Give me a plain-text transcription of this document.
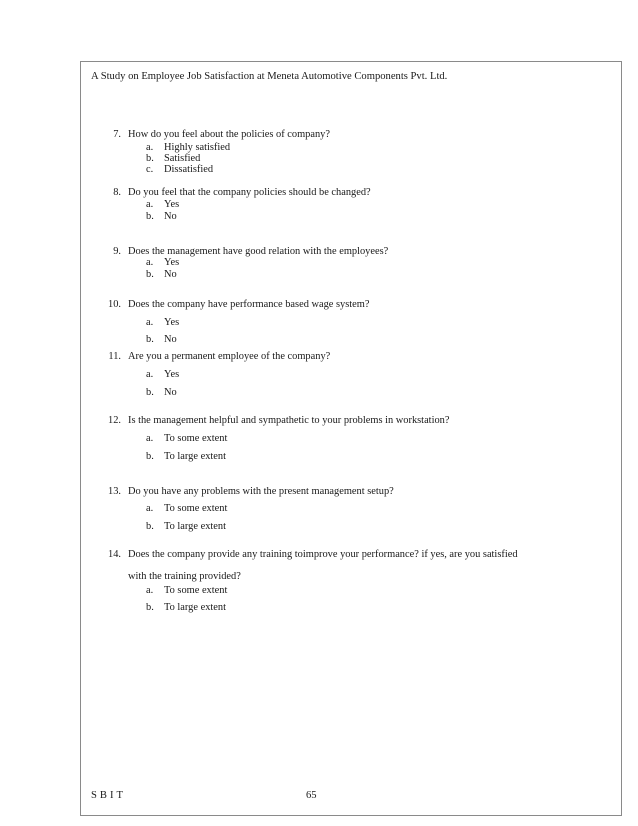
A Study on Employee Job Satisfaction at Meneta Automotive Components Pvt. Ltd.
7. How do you feel about the policies of company?
a. Highly satisfied
b. Satisfied
c. Dissatisfied
8. Do you feel that the company policies should be changed?
a. Yes
b. No
9. Does the management have good relation with the employees?
a. Yes
b. No
10. Does the company have performance based wage system?
a. Yes
b. No
11. Are you a permanent employee of the company?
a. Yes
b. No
12. Is the management helpful and sympathetic to your problems in workstation?
a. To some extent
b. To large extent
13. Do you have any problems with the present management setup?
a. To some extent
b. To large extent
14. Does the company provide any training toimprove your performance? if yes, are you satisfied with the training provided?
a. To some extent
b. To large extent
SBIT	65
